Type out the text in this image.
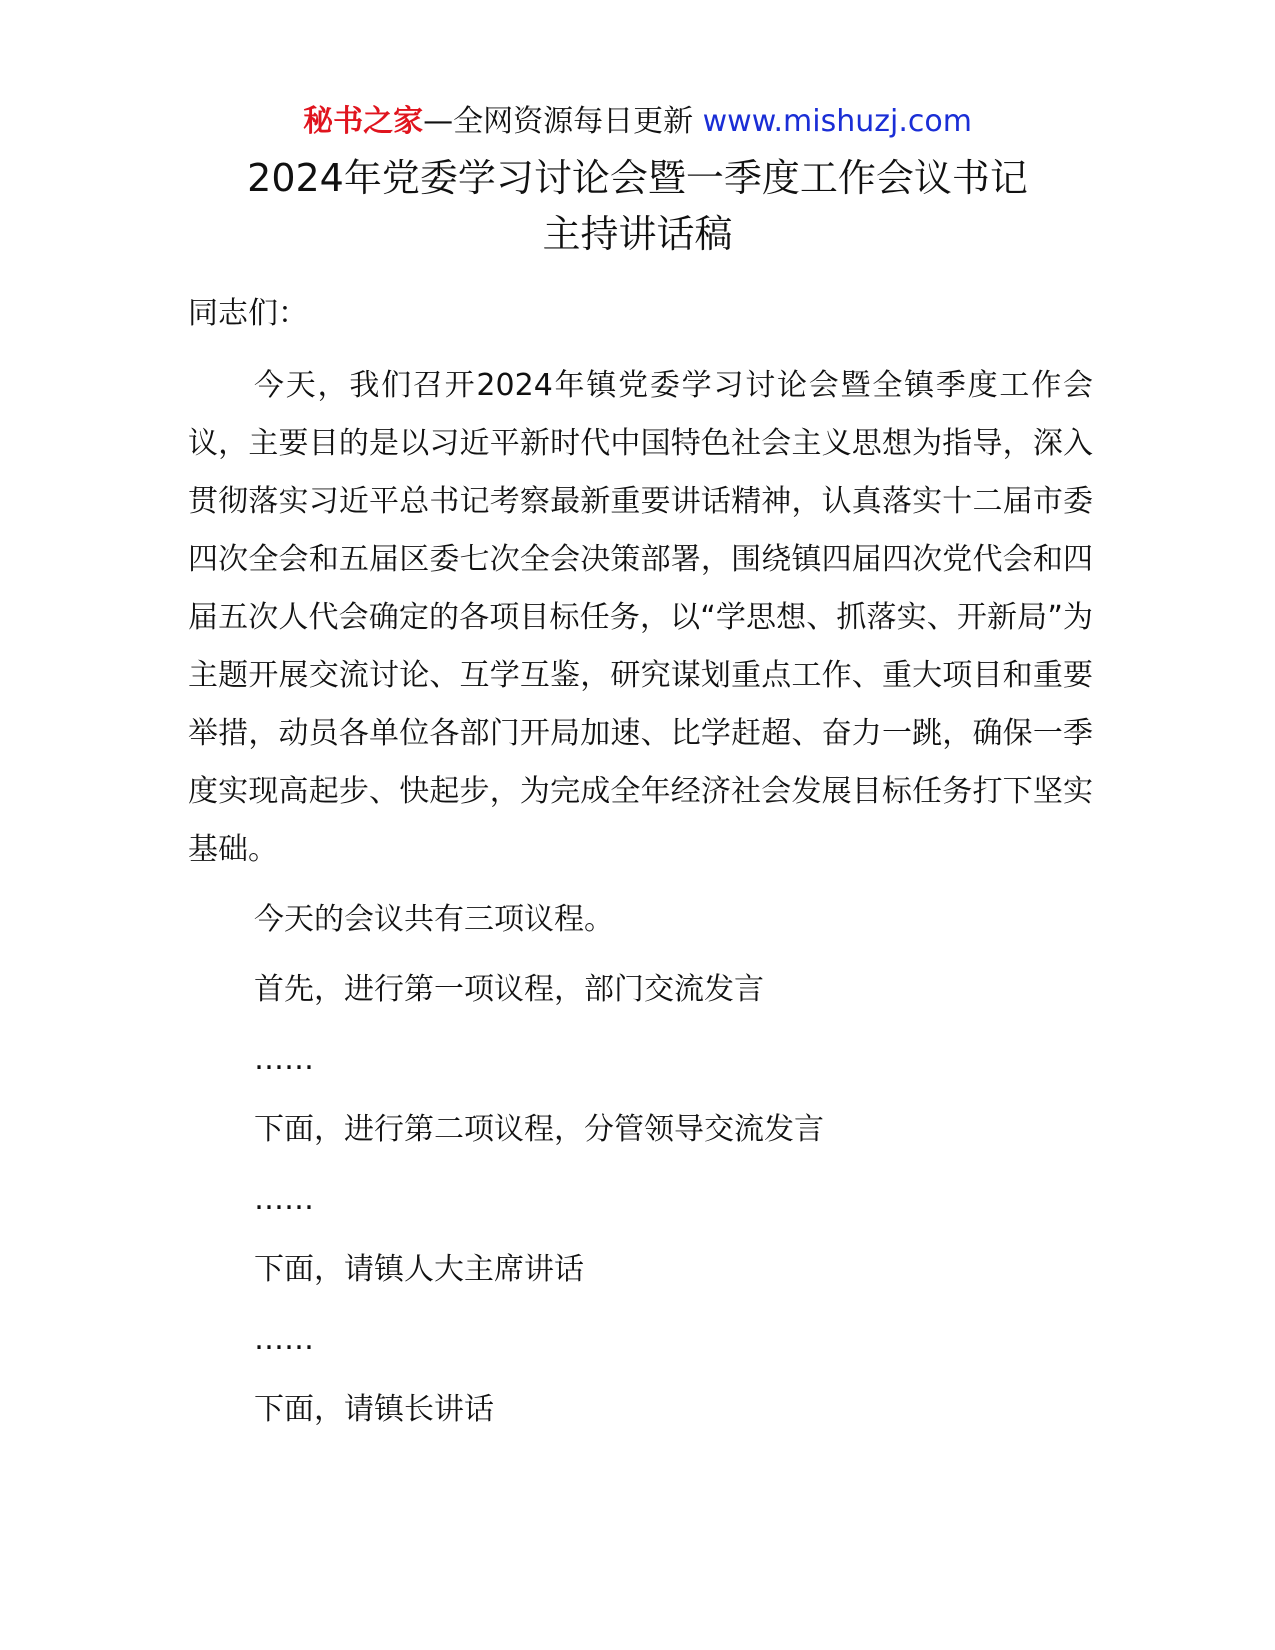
秘书之家—全网资源每日更新 www.mishuzj.com
2024年党委学习讨论会暨一季度工作会议书记
主持讲话稿

同志们：

今天，我们召开2024年镇党委学习讨论会暨全镇季度工作会议，主要目的是以习近平新时代中国特色社会主义思想为指导，深入贯彻落实习近平总书记考察最新重要讲话精神，认真落实十二届市委四次全会和五届区委七次全会决策部署，围绕镇四届四次党代会和四届五次人代会确定的各项目标任务，以“学思想、抓落实、开新局”为主题开展交流讨论、互学互鉴，研究谋划重点工作、重大项目和重要举措，动员各单位各部门开局加速、比学赶超、奋力一跳，确保一季度实现高起步、快起步，为完成全年经济社会发展目标任务打下坚实基础。

今天的会议共有三项议程。

首先，进行第一项议程，部门交流发言

……

下面，进行第二项议程，分管领导交流发言

……

下面，请镇人大主席讲话

……

下面，请镇长讲话
